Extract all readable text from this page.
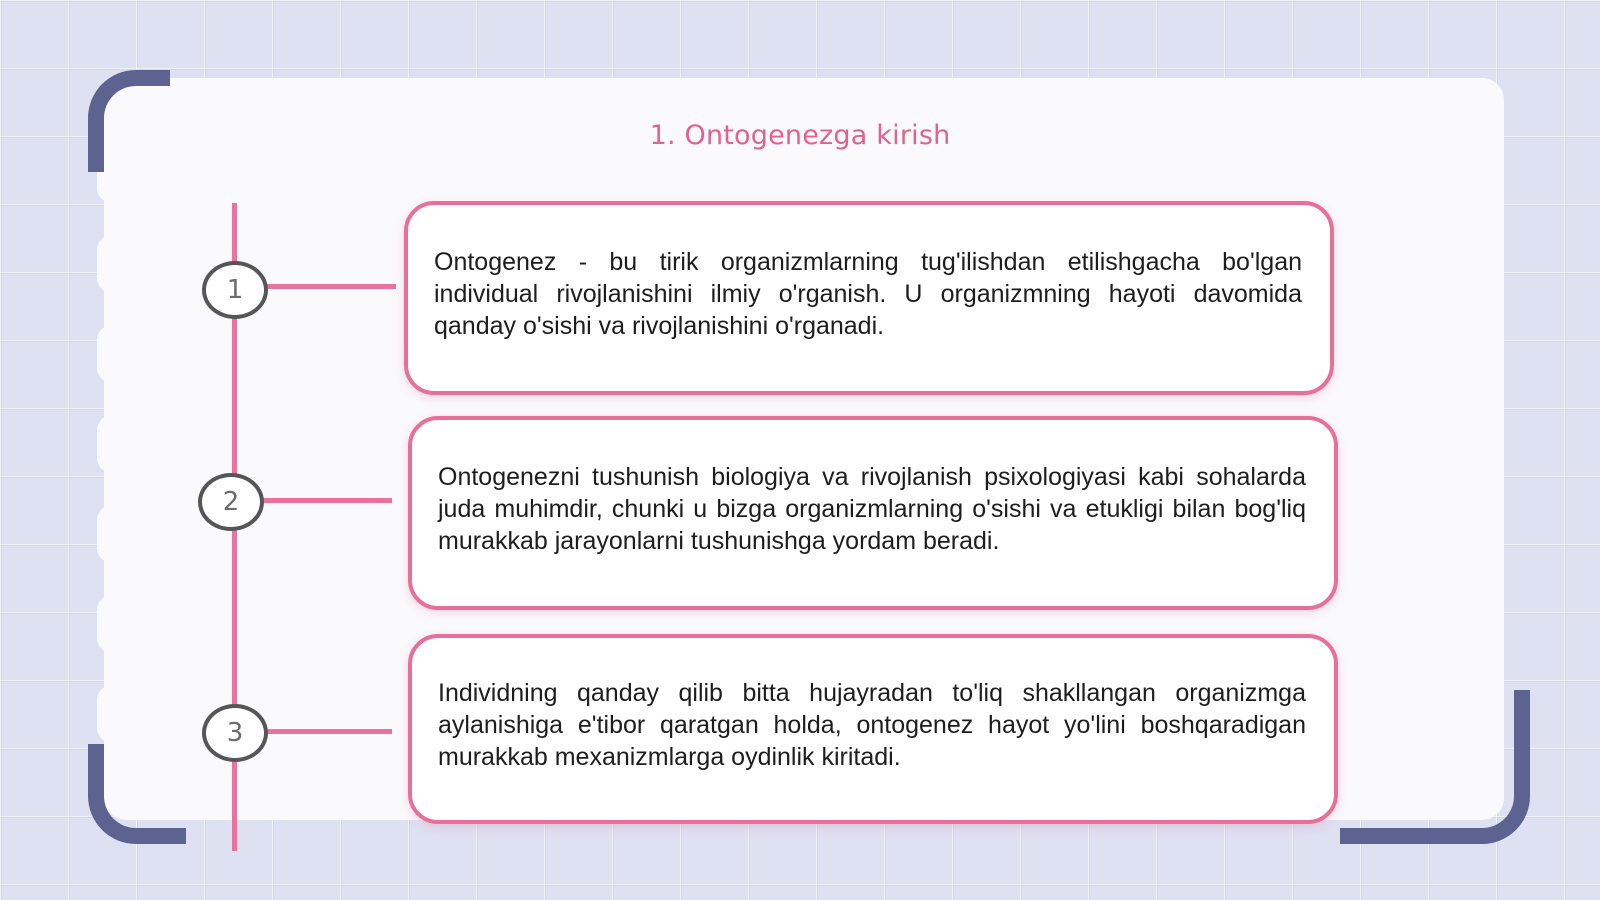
1. Ontogenezga kirish
1
2
3
Ontogenez - bu tirik organizmlarning tug'ilishdan etilishgacha bo'lgan individual rivojlanishini ilmiy o'rganish. U organizmning hayoti davomida qanday o'sishi va rivojlanishini o'rganadi.
Ontogenezni tushunish biologiya va rivojlanish psixologiyasi kabi sohalarda juda muhimdir, chunki u bizga organizmlarning o'sishi va etukligi bilan bog'liq murakkab jarayonlarni tushunishga yordam beradi.
Individning qanday qilib bitta hujayradan to'liq shakllangan organizmga aylanishiga e'tibor qaratgan holda, ontogenez hayot yo'lini boshqaradigan murakkab mexanizmlarga oydinlik kiritadi.
